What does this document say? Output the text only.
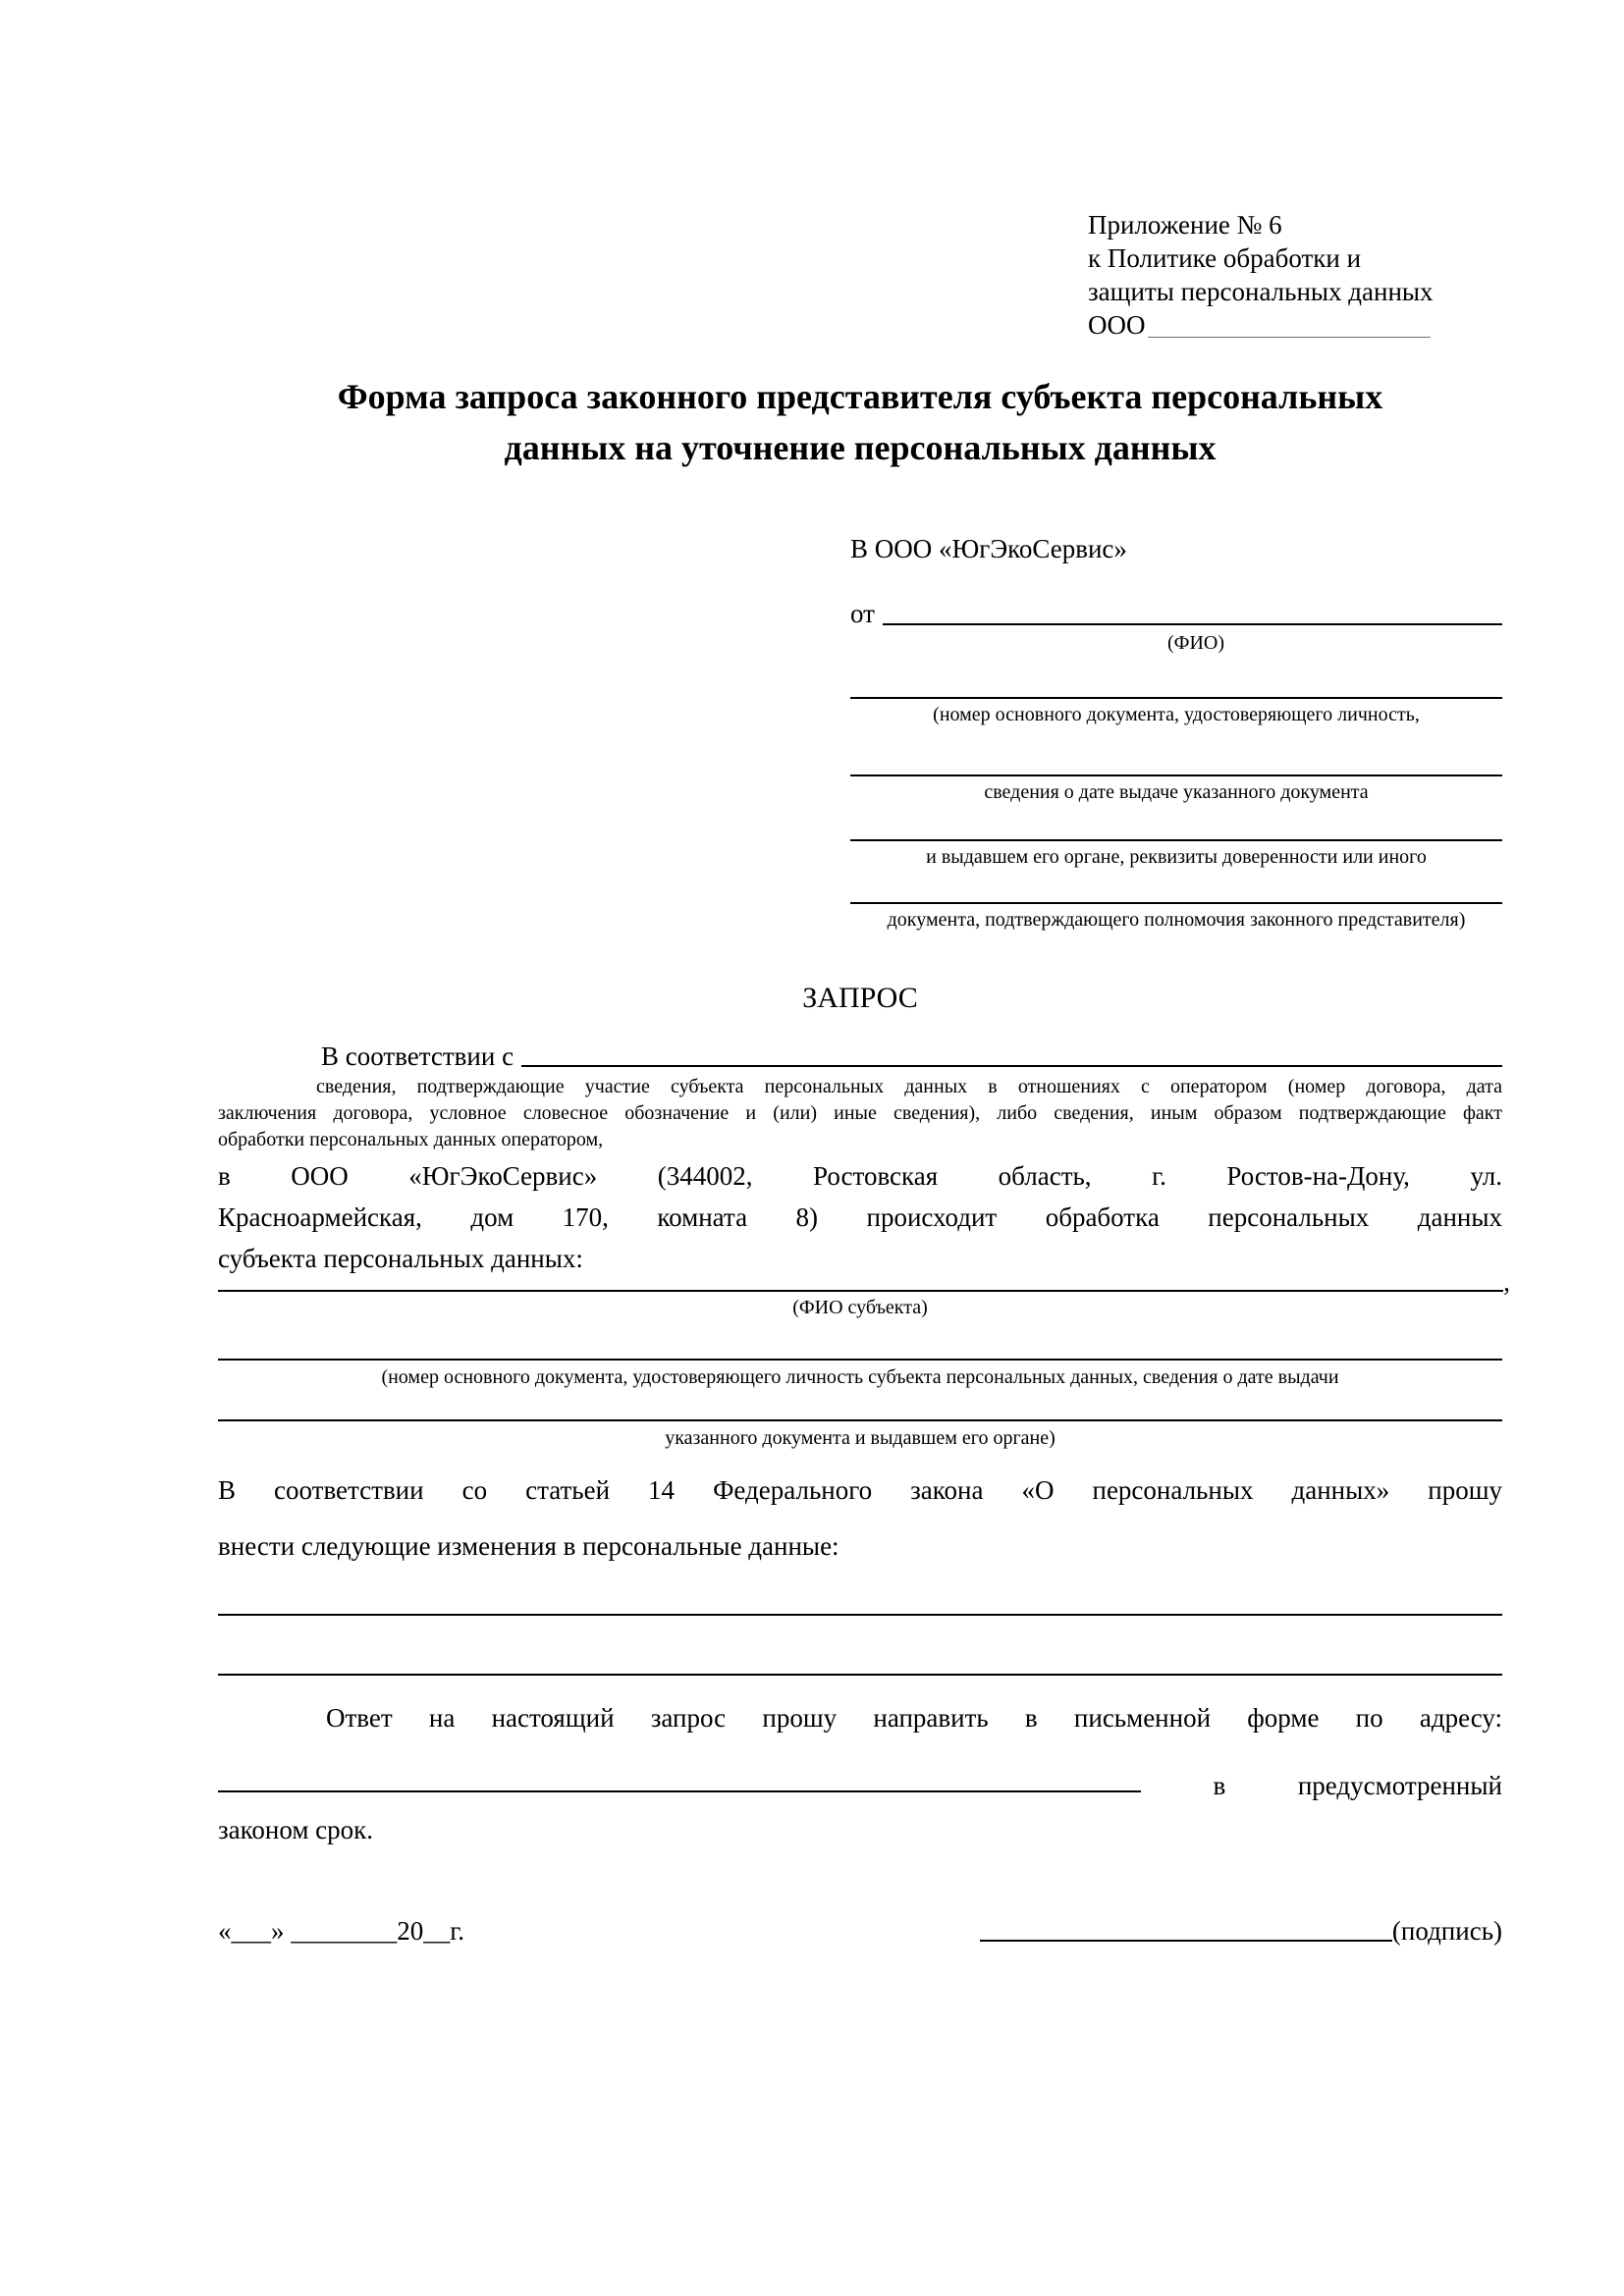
Приложение № 6
к Политике обработки и
защиты персональных данных
ООО
Форма запроса законного представителя субъекта персональных
данных на уточнение персональных данных
В ООО «ЮгЭкоСервис»
от
(ФИО)
(номер основного документа, удостоверяющего личность,
сведения о дате выдаче указанного документа
и выдавшем его органе, реквизиты доверенности или иного
документа, подтверждающего полномочия законного представителя)
ЗАПРОС
В соответствии с
сведения, подтверждающие участие субъекта персональных данных в отношениях с оператором (номер договора, дата
заключения договора, условное словесное обозначение и (или) иные сведения), либо сведения, иным образом подтверждающие факт
обработки персональных данных оператором,
в ООО «ЮгЭкоСервис» (344002, Ростовская область, г. Ростов-на-Дону, ул.
Красноармейская, дом 170, комната 8) происходит обработка персональных данных
субъекта персональных данных:
,
(ФИО субъекта)
(номер основного документа, удостоверяющего личность субъекта персональных данных, сведения о дате выдачи
указанного документа и выдавшем его органе)
В соответствии со статьей 14 Федерального закона «О персональных данных» прошу
внести следующие изменения в персональные данные:
Ответ на настоящий запрос прошу направить в письменной форме по адресу:
в	предусмотренный
законом срок.
«___» ________20__г.	(подпись)
